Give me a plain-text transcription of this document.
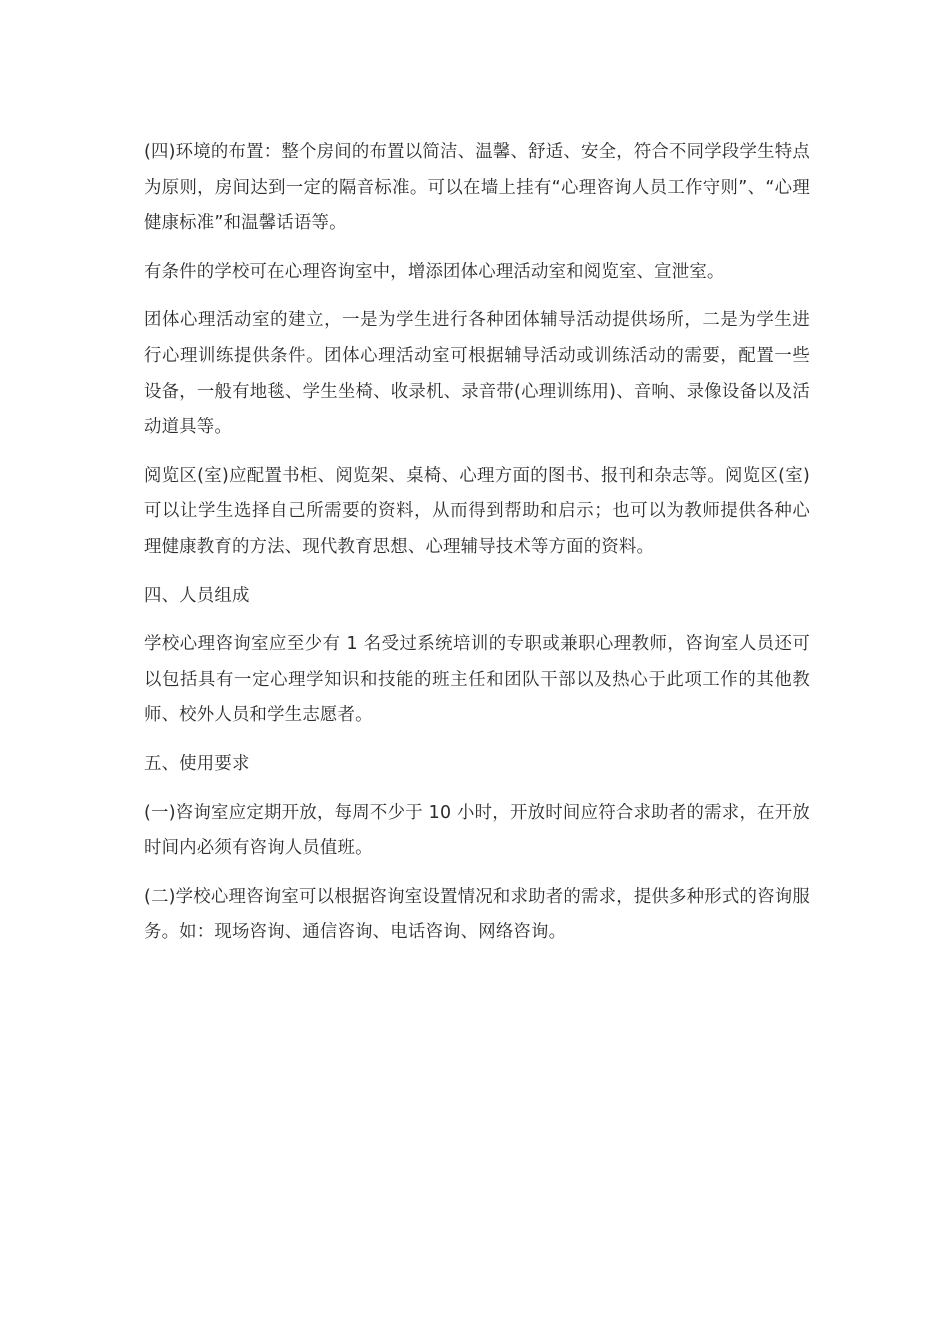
(四)环境的布置：整个房间的布置以简洁、温馨、舒适、安全，符合不同学段学生特点为原则，房间达到一定的隔音标准。可以在墙上挂有“心理咨询人员工作守则”、“心理健康标准”和温馨话语等。

有条件的学校可在心理咨询室中，增添团体心理活动室和阅览室、宣泄室。

团体心理活动室的建立，一是为学生进行各种团体辅导活动提供场所，二是为学生进行心理训练提供条件。团体心理活动室可根据辅导活动或训练活动的需要，配置一些设备，一般有地毯、学生坐椅、收录机、录音带(心理训练用)、音响、录像设备以及活动道具等。

阅览区(室)应配置书柜、阅览架、桌椅、心理方面的图书、报刊和杂志等。阅览区(室)可以让学生选择自己所需要的资料，从而得到帮助和启示；也可以为教师提供各种心理健康教育的方法、现代教育思想、心理辅导技术等方面的资料。

四、人员组成

学校心理咨询室应至少有 1 名受过系统培训的专职或兼职心理教师，咨询室人员还可以包括具有一定心理学知识和技能的班主任和团队干部以及热心于此项工作的其他教师、校外人员和学生志愿者。

五、使用要求

(一)咨询室应定期开放，每周不少于 10 小时，开放时间应符合求助者的需求，在开放时间内必须有咨询人员值班。

(二)学校心理咨询室可以根据咨询室设置情况和求助者的需求，提供多种形式的咨询服务。如：现场咨询、通信咨询、电话咨询、网络咨询。
